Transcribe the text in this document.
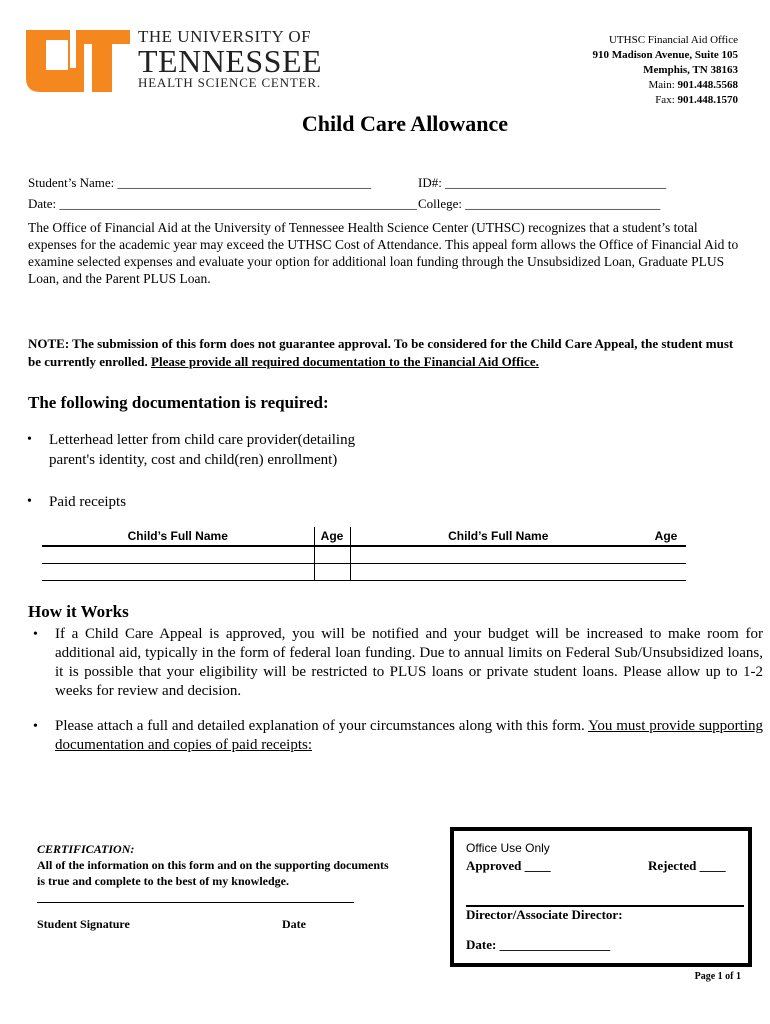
THE UNIVERSITY OF
TENNESSEE
HEALTH SCIENCE CENTER.
UTHSC Financial Aid Office
910 Madison Avenue, Suite 105
Memphis, TN 38163
Main: 901.448.5568
Fax: 901.448.1570
Child Care Allowance
Student’s Name: _______________________________________	ID#: __________________________________
Date: _______________________________________________________ College: ______________________________
The Office of Financial Aid at the University of Tennessee Health Science Center (UTHSC) recognizes that a student’s total expenses for the academic year may exceed the UTHSC Cost of Attendance. This appeal form allows the Office of Financial Aid to examine selected expenses and evaluate your option for additional loan funding through the Unsubsidized Loan, Graduate PLUS Loan, and the Parent PLUS Loan.
NOTE: The submission of this form does not guarantee approval. To be considered for the Child Care Appeal, the student must be currently enrolled. Please provide all required documentation to the Financial Aid Office.
The following documentation is required:
• Letterhead letter from child care provider(detailing parent's identity, cost and child(ren) enrollment)
• Paid receipts
Child’s Full Name	Age	Child’s Full Name	Age

How it Works
• If a Child Care Appeal is approved, you will be notified and your budget will be increased to make room for additional aid, typically in the form of federal loan funding. Due to annual limits on Federal Sub/Unsubsidized loans, it is possible that your eligibility will be restricted to PLUS loans or private student loans. Please allow up to 1-2 weeks for review and decision.
• Please attach a full and detailed explanation of your circumstances along with this form. You must provide supporting documentation and copies of paid receipts:
CERTIFICATION:
All of the information on this form and on the supporting documents
is true and complete to the best of my knowledge.
Student Signature	Date
Office Use Only
Approved ____	Rejected ____
Director/Associate Director:
Date: _________________
Page 1 of 1
